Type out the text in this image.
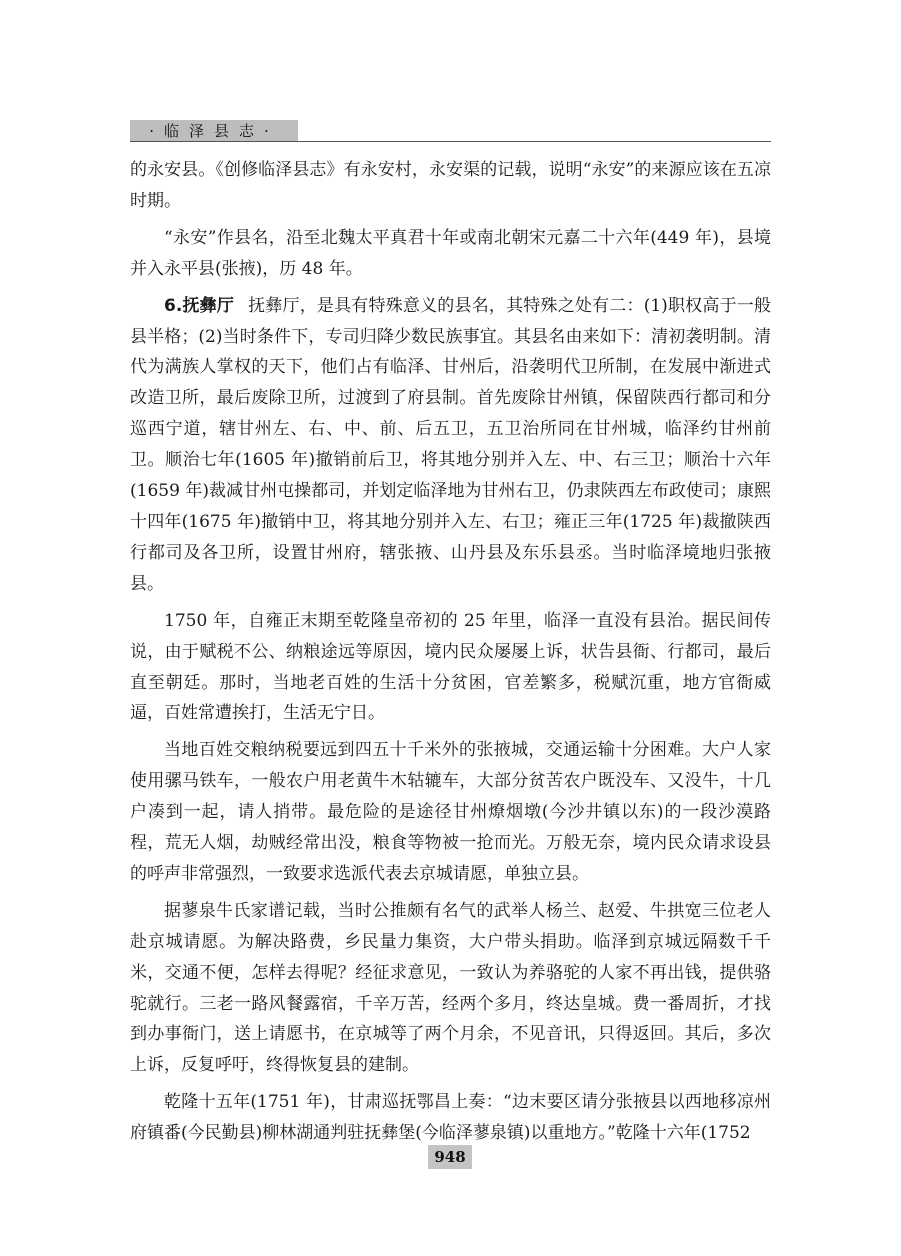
·临泽县志·

的永安县。《创修临泽县志》有永安村，永安渠的记载，说明“永安”的来源应该在五凉时期。

“永安”作县名，沿至北魏太平真君十年或南北朝宋元嘉二十六年(449 年)，县境并入永平县(张掖)，历 48 年。

6.抚彝厅 抚彝厅，是具有特殊意义的县名，其特殊之处有二：(1)职权高于一般县半格；(2)当时条件下，专司归降少数民族事宜。其县名由来如下：清初袭明制。清代为满族人掌权的天下，他们占有临泽、甘州后，沿袭明代卫所制，在发展中渐进式改造卫所，最后废除卫所，过渡到了府县制。首先废除甘州镇，保留陕西行都司和分巡西宁道，辖甘州左、右、中、前、后五卫，五卫治所同在甘州城，临泽约甘州前卫。顺治七年(1605 年)撤销前后卫，将其地分别并入左、中、右三卫；顺治十六年(1659 年)裁减甘州屯操都司，并划定临泽地为甘州右卫，仍隶陕西左布政使司；康熙十四年(1675 年)撤销中卫，将其地分别并入左、右卫；雍正三年(1725 年)裁撤陕西行都司及各卫所，设置甘州府，辖张掖、山丹县及东乐县丞。当时临泽境地归张掖县。

1750 年，自雍正末期至乾隆皇帝初的 25 年里，临泽一直没有县治。据民间传说，由于赋税不公、纳粮途远等原因，境内民众屡屡上诉，状告县衙、行都司，最后直至朝廷。那时，当地老百姓的生活十分贫困，官差繁多，税赋沉重，地方官衙威逼，百姓常遭挨打，生活无宁日。

当地百姓交粮纳税要远到四五十千米外的张掖城，交通运输十分困难。大户人家使用骡马铁车，一般农户用老黄牛木轱辘车，大部分贫苦农户既没车、又没牛，十几户凑到一起，请人捎带。最危险的是途径甘州燎烟墩(今沙井镇以东)的一段沙漠路程，荒无人烟，劫贼经常出没，粮食等物被一抢而光。万般无奈，境内民众请求设县的呼声非常强烈，一致要求选派代表去京城请愿，单独立县。

据蓼泉牛氏家谱记载，当时公推颇有名气的武举人杨兰、赵爱、牛拱宽三位老人赴京城请愿。为解决路费，乡民量力集资，大户带头捐助。临泽到京城远隔数千千米，交通不便，怎样去得呢？经征求意见，一致认为养骆驼的人家不再出钱，提供骆驼就行。三老一路风餐露宿，千辛万苦，经两个多月，终达皇城。费一番周折，才找到办事衙门，送上请愿书，在京城等了两个月余，不见音讯，只得返回。其后，多次上诉，反复呼吁，终得恢复县的建制。

乾隆十五年(1751 年)，甘肃巡抚鄂昌上奏：“边末要区请分张掖县以西地移凉州府镇番(今民勤县)柳林湖通判驻抚彝堡(今临泽蓼泉镇)以重地方。”乾隆十六年(1752

948
